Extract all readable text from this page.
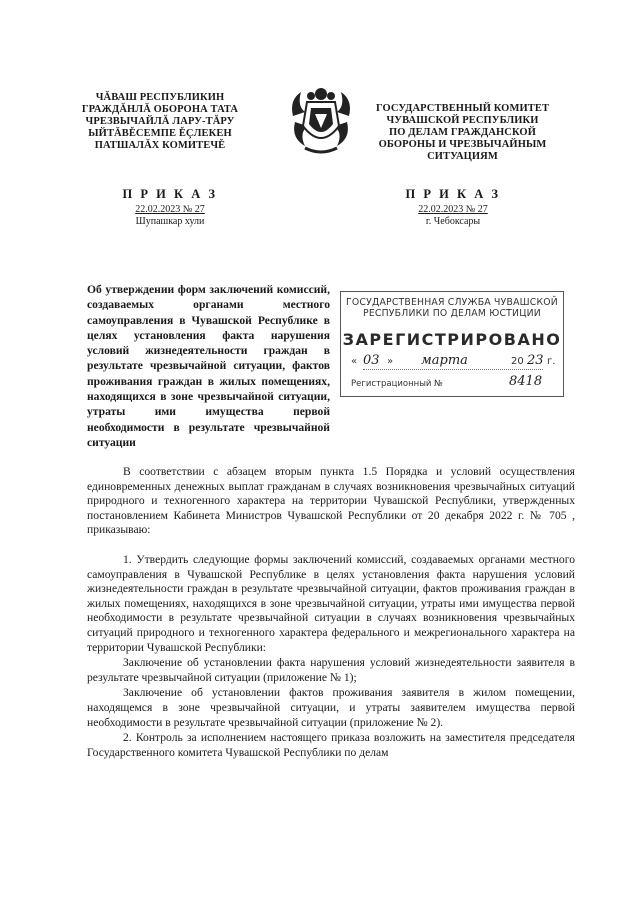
ЧĂВАШ РЕСПУБЛИКИН
ГРАЖДĂНЛĂ ОБОРОНА ТАТА
ЧРЕЗВЫЧАЙЛĂ ЛАРУ-ТĂРУ
ЫЙТĂВĚСЕМПЕ ĚÇЛЕКЕН
ПАТШАЛĂХ КОМИТЕЧĚ
ГОСУДАРСТВЕННЫЙ КОМИТЕТ
ЧУВАШСКОЙ РЕСПУБЛИКИ
ПО ДЕЛАМ ГРАЖДАНСКОЙ
ОБОРОНЫ И ЧРЕЗВЫЧАЙНЫМ
СИТУАЦИЯМ
П Р И К А З
22.02.2023 № 27
Шупашкар хули
П Р И К А З
22.02.2023 № 27
г. Чебоксары
Об утверждении форм заключений комиссий, создаваемых органами местного самоуправления в Чувашской Республике в целях установления факта нарушения условий жизнедеятельности граждан в результате чрезвычайной ситуации, фактов проживания граждан в жилых помещениях, находящихся в зоне чрезвычайной ситуации, утраты ими имущества первой необходимости в результате чрезвычайной ситуации
ГОСУДАРСТВЕННАЯ СЛУЖБА ЧУВАШСКОЙ
РЕСПУБЛИКИ ПО ДЕЛАМ ЮСТИЦИИ
ЗАРЕГИСТРИРОВАНО
« 03 » марта	20 23 г.
Регистрационный №	8418

В соответствии с абзацем вторым пункта 1.5 Порядка и условий осуществления единовременных денежных выплат гражданам в случаях возникновения чрезвычайных ситуаций природного и техногенного характера на территории Чувашской Республики, утвержденных постановлением Кабинета Министров Чувашской Республики от 20 декабря 2022 г. № 705 , приказываю:

1. Утвердить следующие формы заключений комиссий, создаваемых органами местного самоуправления в Чувашской Республике в целях установления факта нарушения условий жизнедеятельности граждан в результате чрезвычайной ситуации, фактов проживания граждан в жилых помещениях, находящихся в зоне чрезвычайной ситуации, утраты ими имущества первой необходимости в результате чрезвычайной ситуации в случаях возникновения чрезвычайных ситуаций природного и техногенного характера федерального и межрегионального характера на территории Чувашской Республики:

Заключение об установлении факта нарушения условий жизнедеятельности заявителя в результате чрезвычайной ситуации (приложение № 1);

Заключение об установлении фактов проживания заявителя в жилом помещении, находящемся в зоне чрезвычайной ситуации, и утраты заявителем имущества первой необходимости в результате чрезвычайной ситуации (приложение № 2).

2. Контроль за исполнением настоящего приказа возложить на заместителя председателя Государственного комитета Чувашской Республики по делам
